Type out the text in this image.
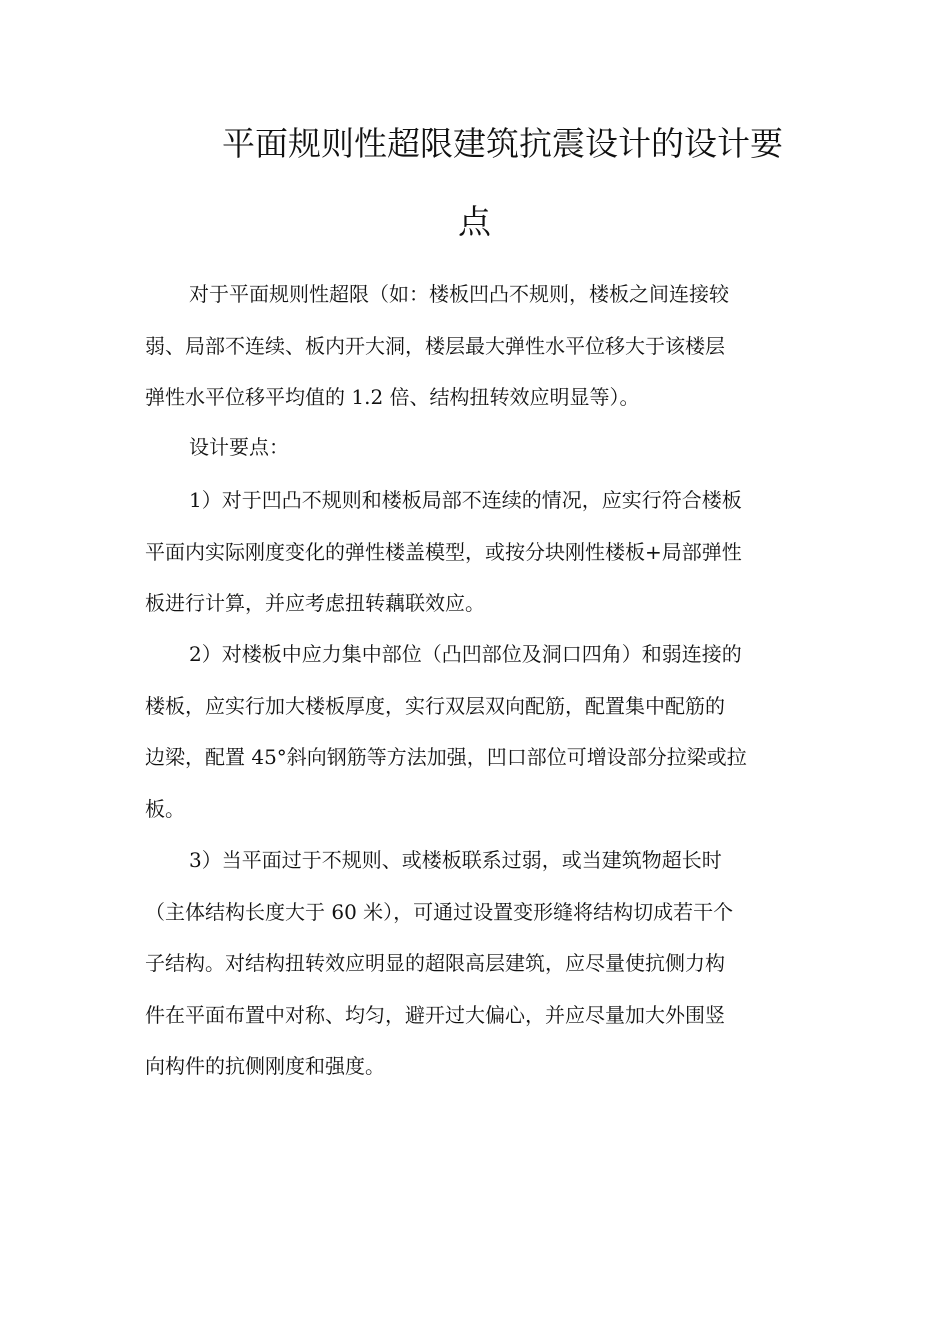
平面规则性超限建筑抗震设计的设计要
点

对于平面规则性超限（如：楼板凹凸不规则，楼板之间连接较

弱、局部不连续、板内开大洞，楼层最大弹性水平位移大于该楼层

弹性水平位移平均值的 1.2 倍、结构扭转效应明显等）。

设计要点：

1）对于凹凸不规则和楼板局部不连续的情况，应实行符合楼板

平面内实际刚度变化的弹性楼盖模型，或按分块刚性楼板+局部弹性

板进行计算，并应考虑扭转藕联效应。

2）对楼板中应力集中部位（凸凹部位及洞口四角）和弱连接的

楼板，应实行加大楼板厚度，实行双层双向配筋，配置集中配筋的

边梁，配置 45°斜向钢筋等方法加强，凹口部位可增设部分拉梁或拉

板。

3）当平面过于不规则、或楼板联系过弱，或当建筑物超长时

（主体结构长度大于 60 米），可通过设置变形缝将结构切成若干个

子结构。对结构扭转效应明显的超限高层建筑，应尽量使抗侧力构

件在平面布置中对称、均匀，避开过大偏心，并应尽量加大外围竖

向构件的抗侧刚度和强度。
